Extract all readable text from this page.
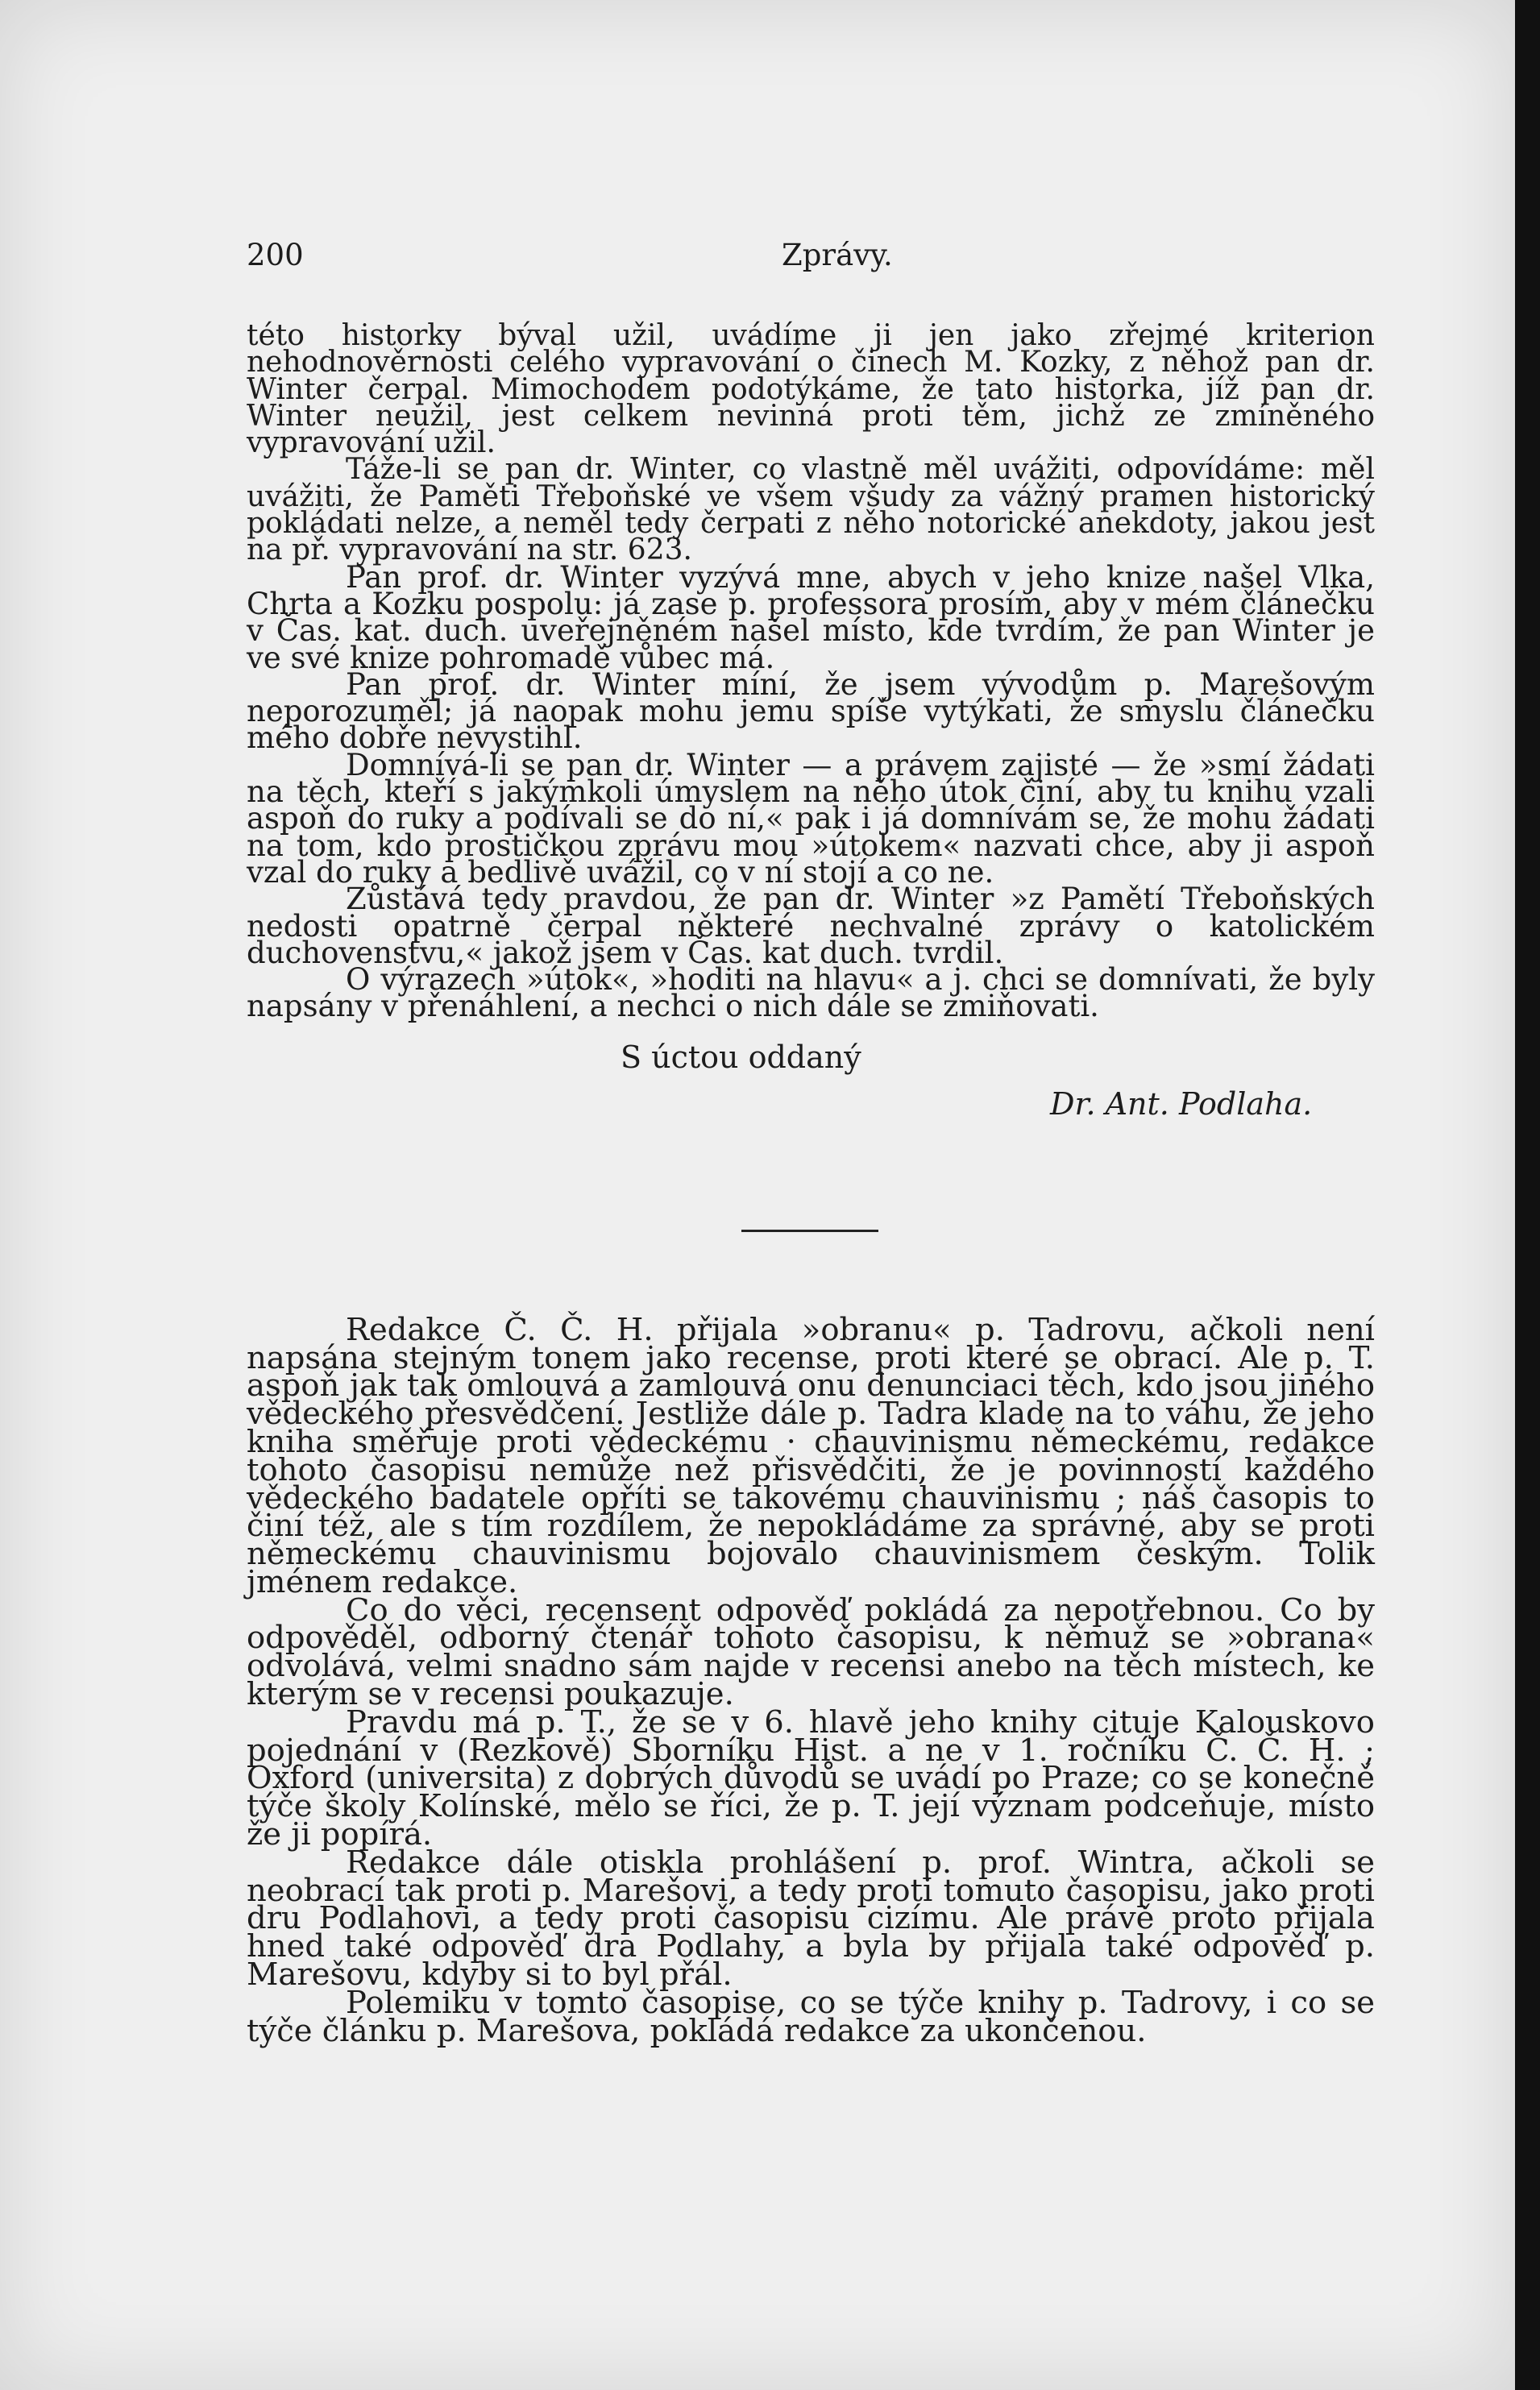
200	Zprávy.

této historky býval užil, uvádíme ji jen jako zřejmé kriterion nehodnověrnosti celého vypravování o činech M. Kozky, z něhož pan dr. Winter čerpal. Mimochodem podotýkáme, že tato historka, jíž pan dr. Winter neužil, jest celkem nevinná proti těm, jichž ze zmíněného vypravování užil.

Táže-li se pan dr. Winter, co vlastně měl uvážiti, odpovídáme: měl uvážiti, že Paměti Třeboňské ve všem všudy za vážný pramen historický pokládati nelze, a neměl tedy čerpati z něho notorické anekdoty, jakou jest na př. vypravování na str. 623.

Pan prof. dr. Winter vyzývá mne, abych v jeho knize našel Vlka, Chrta a Kozku pospolu: já zase p. professora prosím, aby v mém článečku v Čas. kat. duch. uveřejněném našel místo, kde tvrdím, že pan Winter je ve své knize pohromadě vůbec má.

Pan prof. dr. Winter míní, že jsem vývodům p. Marešovým neporozuměl; já naopak mohu jemu spíše vytýkati, že smyslu článečku mého dobře nevystihl.

Domnívá-li se pan dr. Winter — a právem zajisté — že »smí žádati na těch, kteří s jakýmkoli úmyslem na něho útok činí, aby tu knihu vzali aspoň do ruky a podívali se do ní,« pak i já domnívám se, že mohu žádati na tom, kdo prostičkou zprávu mou »útokem« nazvati chce, aby ji aspoň vzal do ruky a bedlivě uvážil, co v ní stojí a co ne.

Zůstává tedy pravdou, že pan dr. Winter »z Pamětí Třeboňských nedosti opatrně čerpal některé nechvalné zprávy o katolickém duchovenstvu,« jakož jsem v Čas. kat duch. tvrdil.

O výrazech »útok«, »hoditi na hlavu« a j. chci se domnívati, že byly napsány v přenáhlení, a nechci o nich dále se zmiňovati.

S úctou oddaný
Dr. Ant. Podlaha.

Redakce Č. Č. H. přijala »obranu« p. Tadrovu, ačkoli není napsána stejným tonem jako recense, proti které se obrací. Ale p. T. aspoň jak tak omlouvá a zamlouvá onu denunciaci těch, kdo jsou jiného vědeckého přesvědčení. Jestliže dále p. Tadra klade na to váhu, že jeho kniha směřuje proti vědeckému · chauvinismu německému, redakce tohoto časopisu nemůže než přisvědčiti, že je povinností každého vědeckého badatele opříti se takovému chauvinismu ; náš časopis to činí též, ale s tím rozdílem, že nepokládáme za správné, aby se proti německému chauvinismu bojovalo chauvinismem českým. Tolik jménem redakce.

Co do věci, recensent odpověď pokládá za nepotřebnou. Co by odpověděl, odborný čtenář tohoto časopisu, k němuž se »obrana« odvolává, velmi snadno sám najde v recensi anebo na těch místech, ke kterým se v recensi poukazuje.

Pravdu má p. T., že se v 6. hlavě jeho knihy cituje Kalouskovo pojednání v (Rezkově) Sborníku Hist. a ne v 1. ročníku Č. Č. H. ; Oxford (universita) z dobrých důvodů se uvádí po Praze; co se konečně týče školy Kolínské, mělo se říci, že p. T. její význam podceňuje, místo že ji popírá.

Redakce dále otiskla prohlášení p. prof. Wintra, ačkoli se neobrací tak proti p. Marešovi, a tedy proti tomuto časopisu, jako proti dru Podlahovi, a tedy proti časopisu cizímu. Ale právě proto přijala hned také odpověď dra Podlahy, a byla by přijala také odpověď p. Marešovu, kdyby si to byl přál.

Polemiku v tomto časopise, co se týče knihy p. Tadrovy, i co se týče článku p. Marešova, pokládá redakce za ukončenou.
